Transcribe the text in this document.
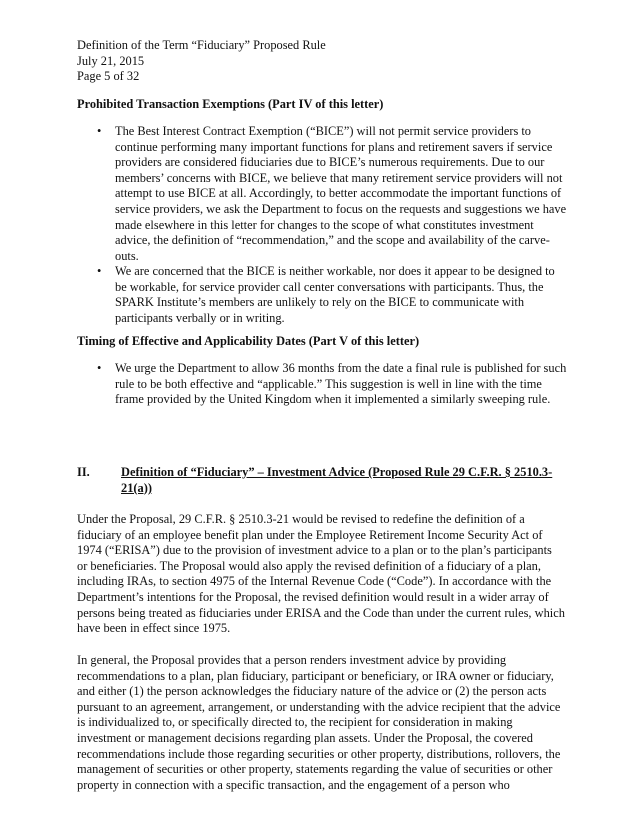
Definition of the Term “Fiduciary” Proposed Rule
July 21, 2015
Page 5 of 32
Prohibited Transaction Exemptions (Part IV of this letter)
•	The Best Interest Contract Exemption (“BICE”) will not permit service providers to continue performing many important functions for plans and retirement savers if service providers are considered fiduciaries due to BICE’s numerous requirements. Due to our members’ concerns with BICE, we believe that many retirement service providers will not attempt to use BICE at all. Accordingly, to better accommodate the important functions of service providers, we ask the Department to focus on the requests and suggestions we have made elsewhere in this letter for changes to the scope of what constitutes investment advice, the definition of “recommendation,” and the scope and availability of the carve-outs.
•	We are concerned that the BICE is neither workable, nor does it appear to be designed to be workable, for service provider call center conversations with participants. Thus, the SPARK Institute’s members are unlikely to rely on the BICE to communicate with participants verbally or in writing.
Timing of Effective and Applicability Dates (Part V of this letter)
•	We urge the Department to allow 36 months from the date a final rule is published for such rule to be both effective and “applicable.” This suggestion is well in line with the time frame provided by the United Kingdom when it implemented a similarly sweeping rule.
II.	Definition of “Fiduciary” – Investment Advice (Proposed Rule 29 C.F.R. § 2510.3-21(a))
Under the Proposal, 29 C.F.R. § 2510.3-21 would be revised to redefine the definition of a fiduciary of an employee benefit plan under the Employee Retirement Income Security Act of 1974 (“ERISA”) due to the provision of investment advice to a plan or to the plan’s participants or beneficiaries. The Proposal would also apply the revised definition of a fiduciary of a plan, including IRAs, to section 4975 of the Internal Revenue Code (“Code”). In accordance with the Department’s intentions for the Proposal, the revised definition would result in a wider array of persons being treated as fiduciaries under ERISA and the Code than under the current rules, which have been in effect since 1975.
In general, the Proposal provides that a person renders investment advice by providing recommendations to a plan, plan fiduciary, participant or beneficiary, or IRA owner or fiduciary, and either (1) the person acknowledges the fiduciary nature of the advice or (2) the person acts pursuant to an agreement, arrangement, or understanding with the advice recipient that the advice is individualized to, or specifically directed to, the recipient for consideration in making investment or management decisions regarding plan assets. Under the Proposal, the covered recommendations include those regarding securities or other property, distributions, rollovers, the management of securities or other property, statements regarding the value of securities or other property in connection with a specific transaction, and the engagement of a person who
